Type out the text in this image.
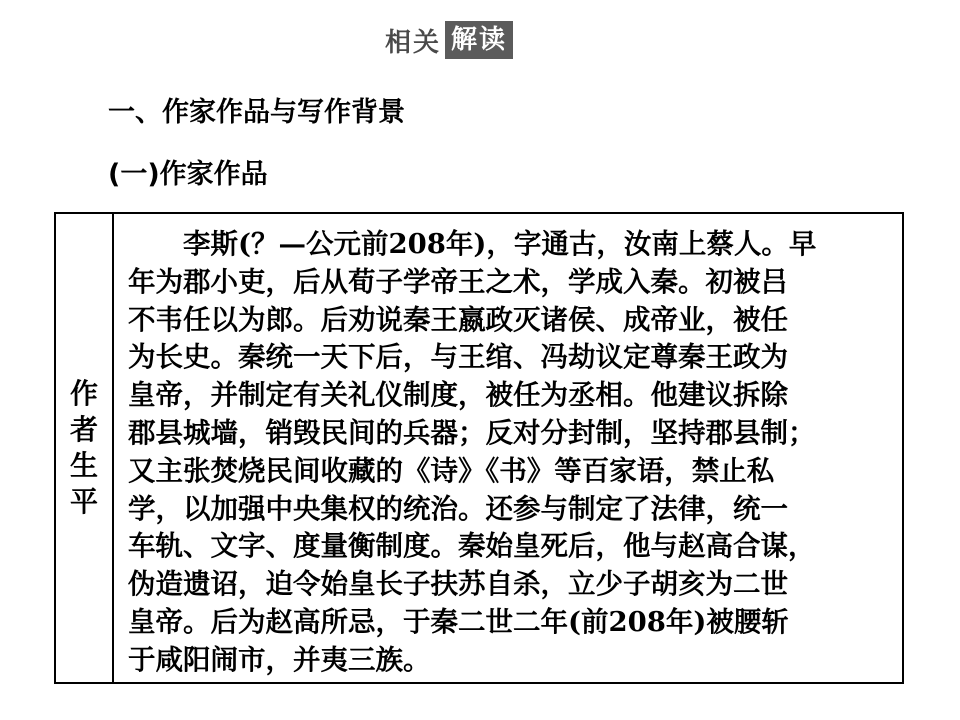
相关 解读
一、作家作品与写作背景
(一)作家作品
作
者
生
平
李斯(？—公元前208年)，字通古，汝南上蔡人。早
年为郡小吏，后从荀子学帝王之术，学成入秦。初被吕
不韦任以为郎。后劝说秦王嬴政灭诸侯、成帝业，被任
为长史。秦统一天下后，与王绾、冯劫议定尊秦王政为
皇帝，并制定有关礼仪制度，被任为丞相。他建议拆除
郡县城墙，销毁民间的兵器；反对分封制，坚持郡县制；
又主张焚烧民间收藏的《诗》《书》等百家语，禁止私
学，以加强中央集权的统治。还参与制定了法律，统一
车轨、文字、度量衡制度。秦始皇死后，他与赵高合谋，
伪造遗诏，迫令始皇长子扶苏自杀，立少子胡亥为二世
皇帝。后为赵高所忌，于秦二世二年(前208年)被腰斩
于咸阳闹市，并夷三族。
